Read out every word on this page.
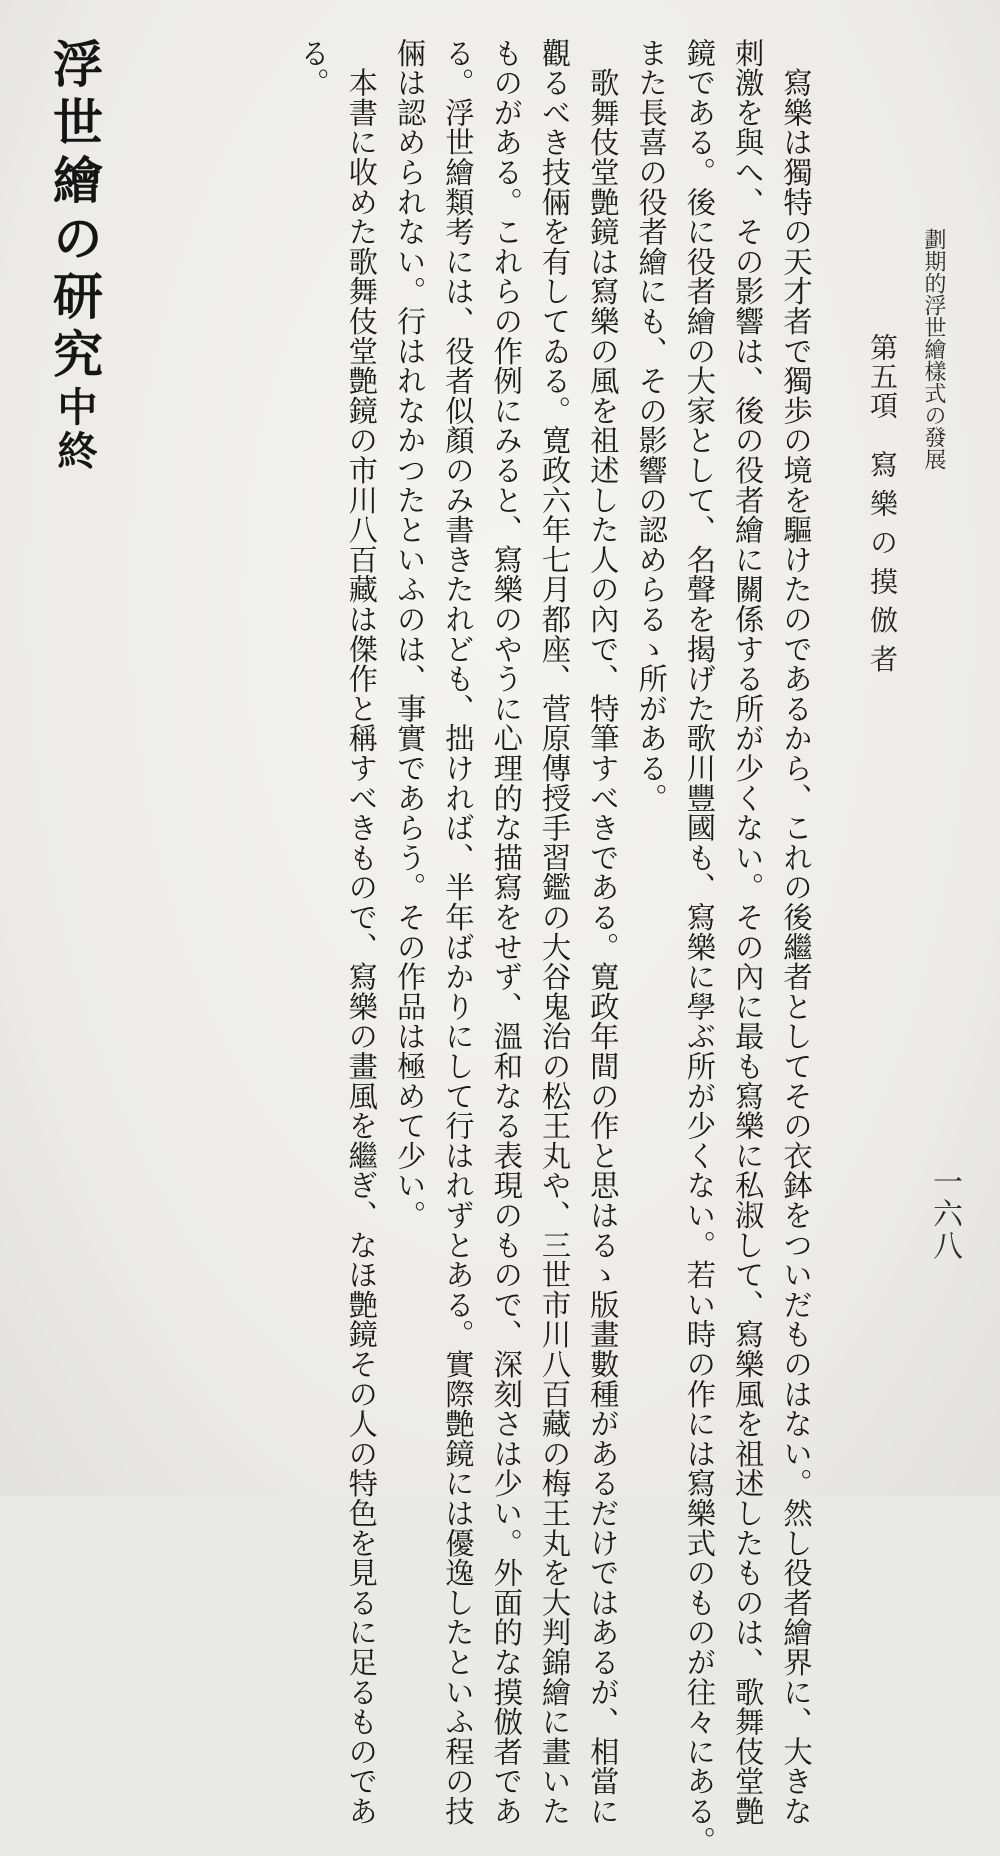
劃期的浮世繪樣式の發展
一六八
第五項寫 樂 の 摸 倣 者
　寫樂は獨特の天才者で獨歩の境を驅けたのであるから、これの後繼者としてその衣鉢をついだものはない。然し役者繪界に、大きな
刺激を與へ、その影響は、後の役者繪に關係する所が少くない。その內に最も寫樂に私淑して、寫樂風を祖述したものは、歌舞伎堂艶
鏡である。後に役者繪の大家として、名聲を揭げた歌川豐國も、寫樂に學ぶ所が少くない。若い時の作には寫樂式のものが往々にある。
また長喜の役者繪にも、その影響の認めらるゝ所がある。
　歌舞伎堂艶鏡は寫樂の風を祖述した人の內で、特筆すべきである。寛政年間の作と思はるゝ版畫數種があるだけではあるが、相當に
觀るべき技倆を有してゐる。寛政六年七月都座、菅原傳授手習鑑の大谷鬼治の松王丸や、三世市川八百藏の梅王丸を大判錦繪に畫いた
ものがある。これらの作例にみると、寫樂のやうに心理的な描寫をせず、溫和なる表現のもので、深刻さは少い。外面的な摸倣者であ
る。浮世繪類考には、役者似顏のみ書きたれども、拙ければ、半年ばかりにして行はれずとある。實際艶鏡には優逸したといふ程の技
倆は認められない。行はれなかつたといふのは、事實であらう。その作品は極めて少い。
　本書に收めた歌舞伎堂艶鏡の市川八百藏は傑作と稱すべきもので、寫樂の畫風を繼ぎ、なほ艶鏡その人の特色を見るに足るものであ
る。
浮世繪の研究中終
